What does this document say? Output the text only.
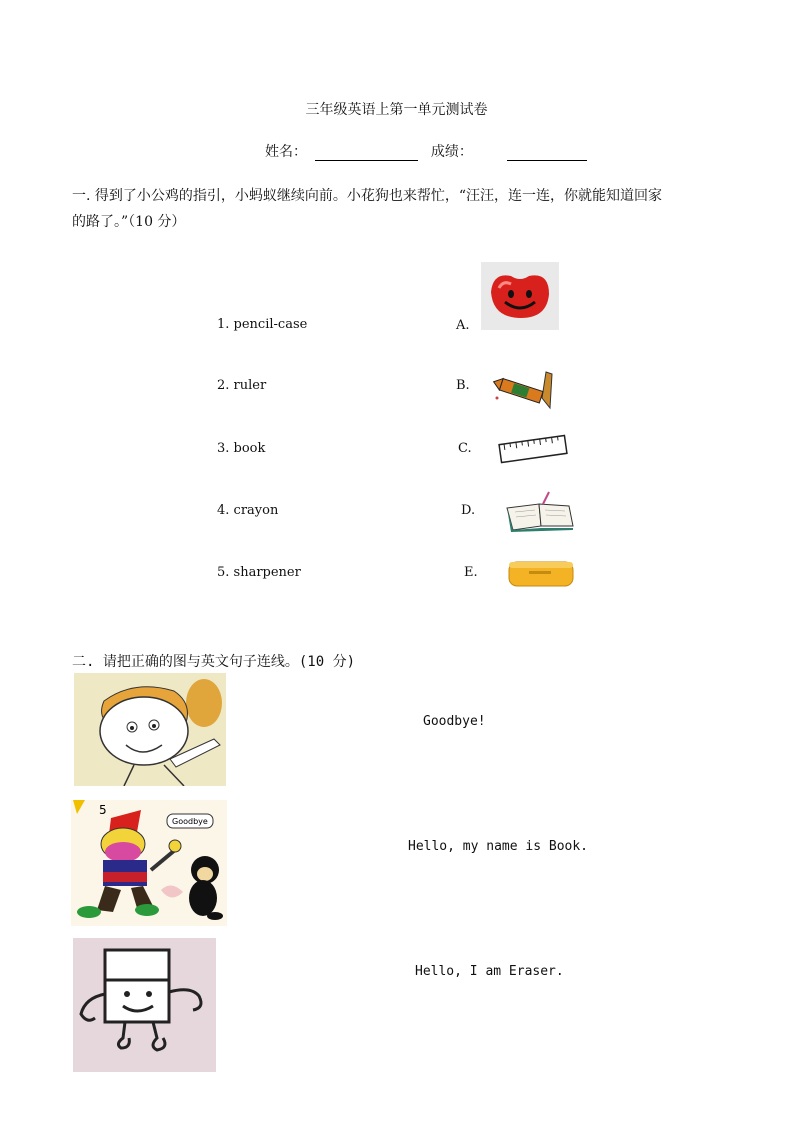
三年级英语上第一单元测试卷
姓名：	成绩：
一. 得到了小公鸡的指引，小蚂蚁继续向前。小花狗也来帮忙，“汪汪，连一连，你就能知道回家的路了。”（10 分）
1. pencil-case
2. ruler
3. book
4. crayon
5. sharpener
A.
B.
C.
D.
E.
二. 请把正确的图与英文句子连线。(10 分)
Goodbye!
Hello, my name is Book.
Hello, I am Eraser.
5
Goodbye
